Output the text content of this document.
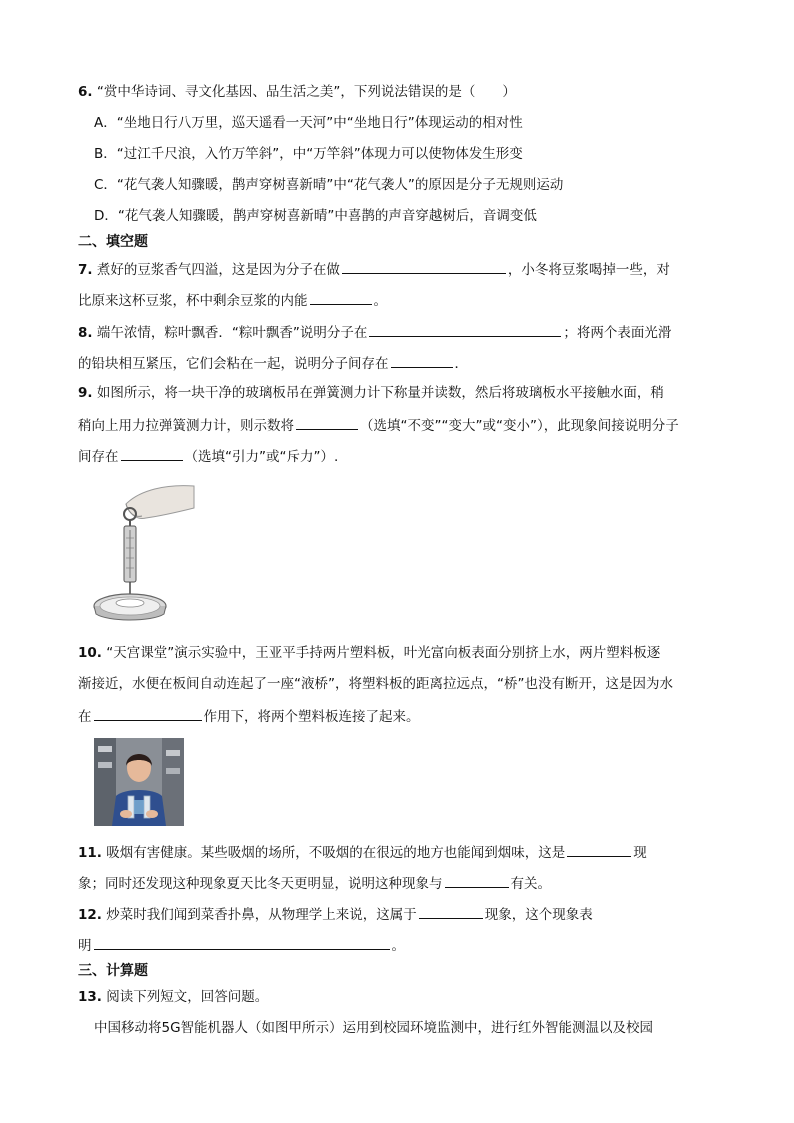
6. “赏中华诗词、寻文化基因、品生活之美”，下列说法错误的是（　　）
A．“坐地日行八万里，巡天遥看一天河”中“坐地日行”体现运动的相对性
B．“过江千尺浪，入竹万竿斜”，中“万竿斜”体现力可以使物体发生形变
C．“花气袭人知骤暖，鹊声穿树喜新晴”中“花气袭人”的原因是分子无规则运动
D．“花气袭人知骤暖，鹊声穿树喜新晴”中喜鹊的声音穿越树后，音调变低
二、填空题
7. 煮好的豆浆香气四溢，这是因为分子在做	，小冬将豆浆喝掉一些，对
比原来这杯豆浆，杯中剩余豆浆的内能	。
8. 端午浓情，粽叶飘香．“粽叶飘香”说明分子在	；将两个表面光滑
的铅块相互紧压，它们会粘在一起，说明分子间存在	．
9. 如图所示，将一块干净的玻璃板吊在弹簧测力计下称量并读数，然后将玻璃板水平接触水面，稍
稍向上用力拉弹簧测力计，则示数将	（选填“不变”“变大”或“变小”），此现象间接说明分子
间存在	（选填“引力”或“斥力”）.
10. “天宫课堂”演示实验中，王亚平手持两片塑料板，叶光富向板表面分别挤上水，两片塑料板逐
渐接近，水便在板间自动连起了一座“液桥”，将塑料板的距离拉远点，“桥”也没有断开，这是因为水
在	作用下，将两个塑料板连接了起来。
11. 吸烟有害健康。某些吸烟的场所，不吸烟的在很远的地方也能闻到烟味，这是	现
象；同时还发现这种现象夏天比冬天更明显，说明这种现象与	有关。
12. 炒菜时我们闻到菜香扑鼻，从物理学上来说，这属于	现象，这个现象表
明	。
三、计算题
13. 阅读下列短文，回答问题。
中国移动将5G智能机器人（如图甲所示）运用到校园环境监测中，进行红外智能测温以及校园
